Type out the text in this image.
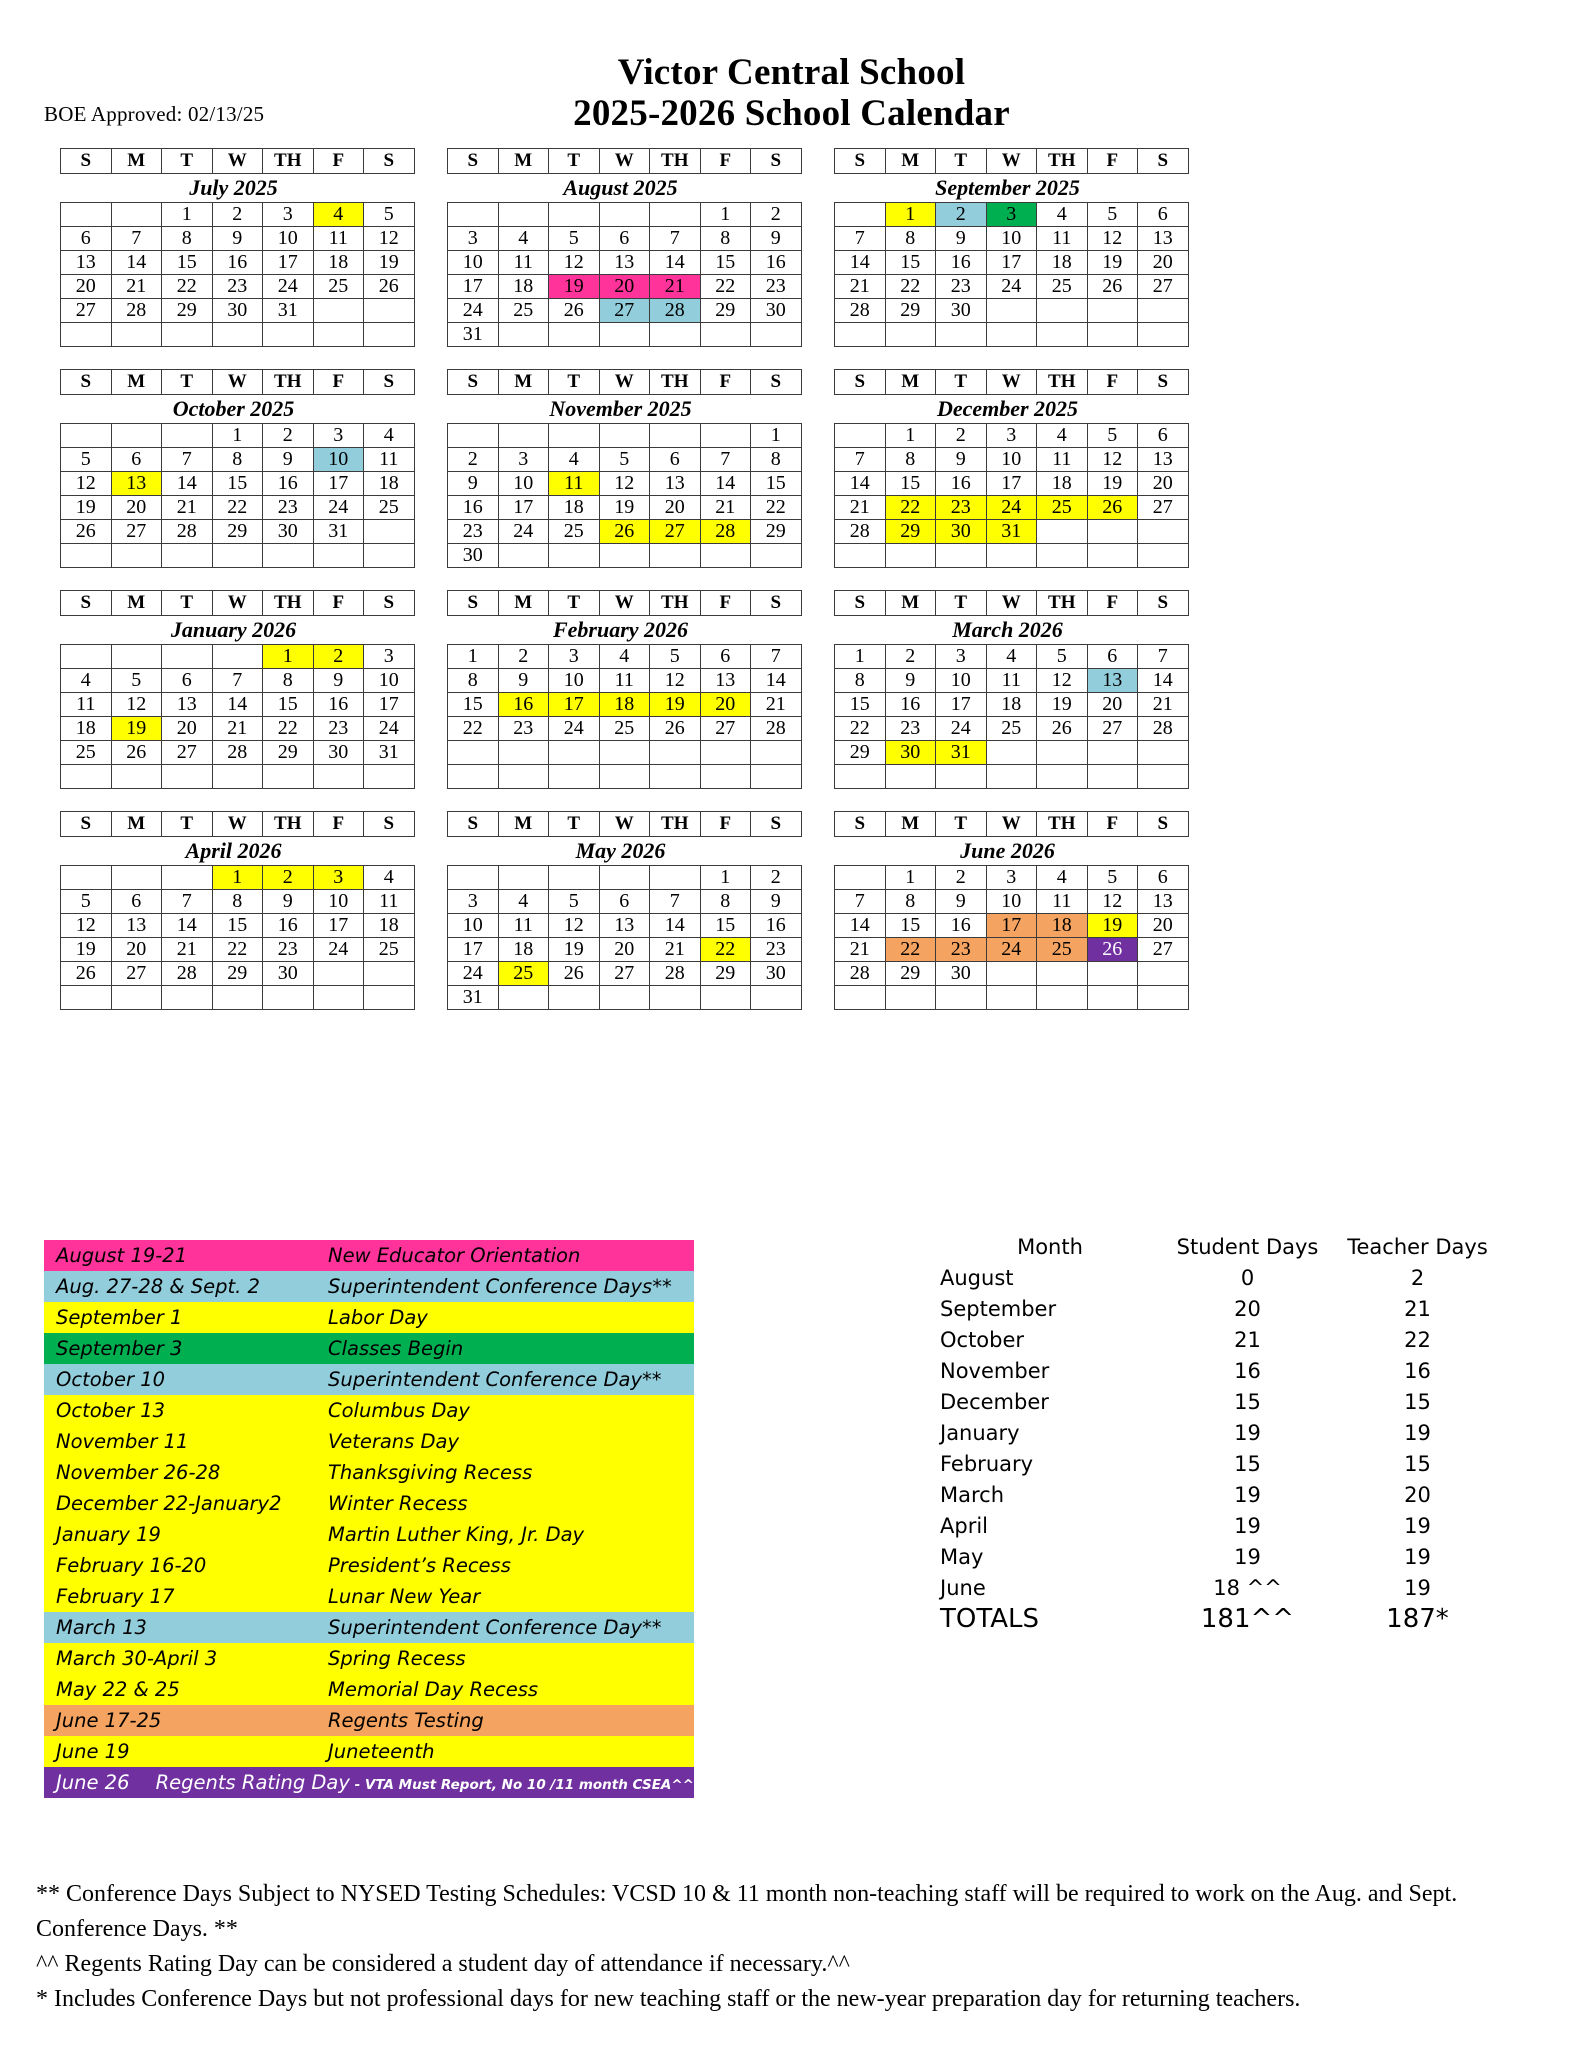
BOE Approved: 02/13/25
Victor Central School
2025-2026 School Calendar
S	M	T	W	TH	F	S
July 2025
		1	2	3	4	5
6	7	8	9	10	11	12
13	14	15	16	17	18	19
20	21	22	23	24	25	26
27	28	29	30	31		

S	M	T	W	TH	F	S
August 2025
					1	2
3	4	5	6	7	8	9
10	11	12	13	14	15	16
17	18	19	20	21	22	23
24	25	26	27	28	29	30
31						
S	M	T	W	TH	F	S
September 2025
	1	2	3	4	5	6
7	8	9	10	11	12	13
14	15	16	17	18	19	20
21	22	23	24	25	26	27
28	29	30				

S	M	T	W	TH	F	S
October 2025
			1	2	3	4
5	6	7	8	9	10	11
12	13	14	15	16	17	18
19	20	21	22	23	24	25
26	27	28	29	30	31	

S	M	T	W	TH	F	S
November 2025
						1
2	3	4	5	6	7	8
9	10	11	12	13	14	15
16	17	18	19	20	21	22
23	24	25	26	27	28	29
30						
S	M	T	W	TH	F	S
December 2025
	1	2	3	4	5	6
7	8	9	10	11	12	13
14	15	16	17	18	19	20
21	22	23	24	25	26	27
28	29	30	31			

S	M	T	W	TH	F	S
January 2026
				1	2	3
4	5	6	7	8	9	10
11	12	13	14	15	16	17
18	19	20	21	22	23	24
25	26	27	28	29	30	31

S	M	T	W	TH	F	S
February 2026
1	2	3	4	5	6	7
8	9	10	11	12	13	14
15	16	17	18	19	20	21
22	23	24	25	26	27	28

S	M	T	W	TH	F	S
March 2026
1	2	3	4	5	6	7
8	9	10	11	12	13	14
15	16	17	18	19	20	21
22	23	24	25	26	27	28
29	30	31				

S	M	T	W	TH	F	S
April 2026
			1	2	3	4
5	6	7	8	9	10	11
12	13	14	15	16	17	18
19	20	21	22	23	24	25
26	27	28	29	30		

S	M	T	W	TH	F	S
May 2026
					1	2
3	4	5	6	7	8	9
10	11	12	13	14	15	16
17	18	19	20	21	22	23
24	25	26	27	28	29	30
31						
S	M	T	W	TH	F	S
June 2026
	1	2	3	4	5	6
7	8	9	10	11	12	13
14	15	16	17	18	19	20
21	22	23	24	25	26	27
28	29	30				

August 19-21	New Educator Orientation
Aug. 27-28 & Sept. 2	Superintendent Conference Days**
September 1	Labor Day
September 3	Classes Begin
October 10	Superintendent Conference Day**
October 13	Columbus Day
November 11	Veterans Day
November 26-28	Thanksgiving Recess
December 22-January2	Winter Recess
January 19	Martin Luther King, Jr. Day
February 16-20	President’s Recess
February 17	Lunar New Year
March 13	Superintendent Conference Day**
March 30-April 3	Spring Recess
May 22 & 25	Memorial Day Recess
June 17-25	Regents Testing
June 19	Juneteenth
June 26	Regents Rating Day - VTA Must Report, No 10 /11 month CSEA^^
Month	Student Days	Teacher Days
August	0	2
September	20	21
October	21	22
November	16	16
December	15	15
January	19	19
February	15	15
March	19	20
April	19	19
May	19	19
June	18 ^^	19
TOTALS	181^^	187*

** Conference Days Subject to NYSED Testing Schedules: VCSD 10 & 11 month non-teaching staff will be required to work on the Aug. and Sept. Conference Days. **

^^ Regents Rating Day can be considered a student day of attendance if necessary.^^

* Includes Conference Days but not professional days for new teaching staff or the new-year preparation day for returning teachers.
